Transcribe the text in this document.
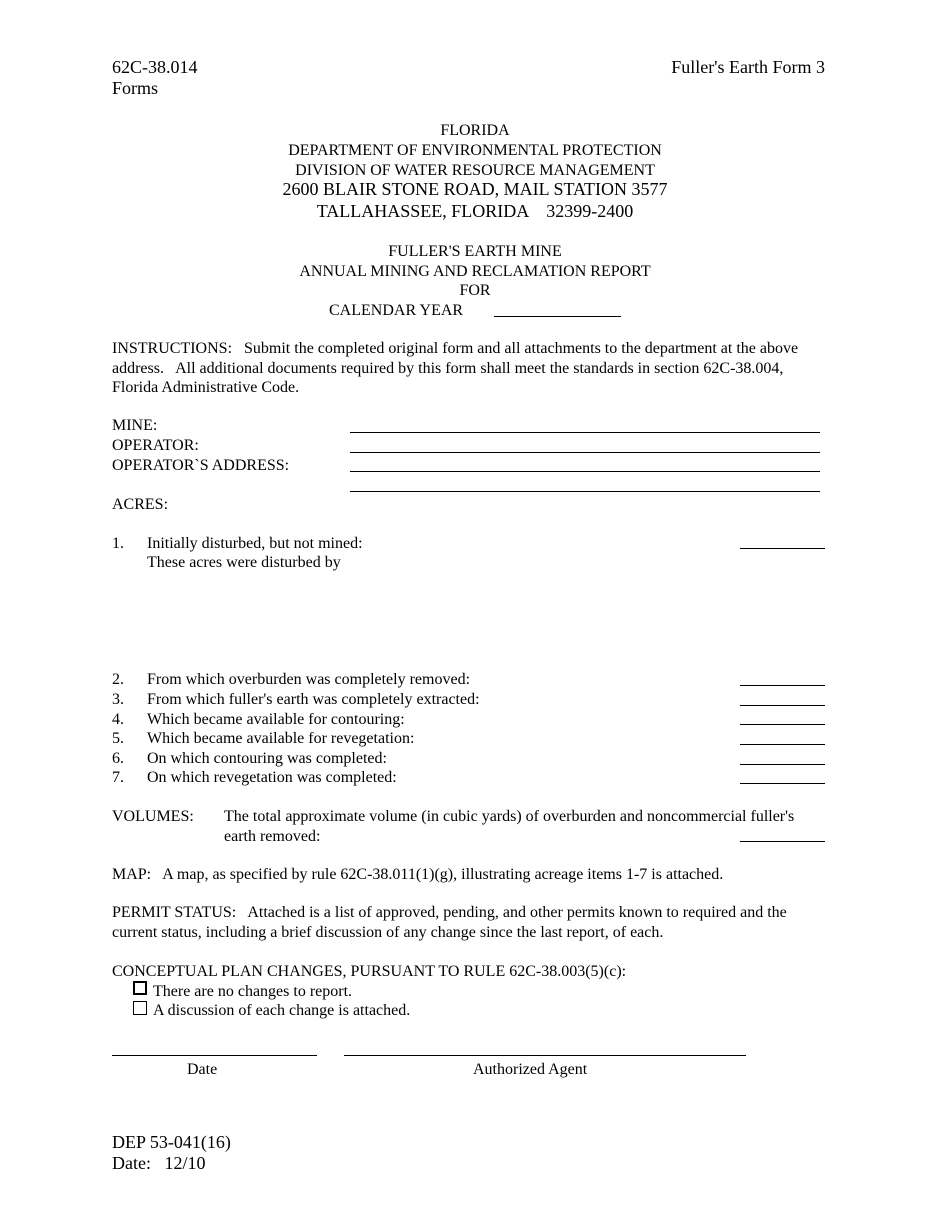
62C-38.014
Forms
Fuller's Earth Form 3
FLORIDA
DEPARTMENT OF ENVIRONMENTAL PROTECTION
DIVISION OF WATER RESOURCE MANAGEMENT
2600 BLAIR STONE ROAD, MAIL STATION 3577
TALLAHASSEE, FLORIDA    32399-2400
FULLER'S EARTH MINE
ANNUAL MINING AND RECLAMATION REPORT
FOR
CALENDAR YEAR
INSTRUCTIONS:   Submit the completed original form and all attachments to the department at the above
address.   All additional documents required by this form shall meet the standards in section 62C-38.004,
Florida Administrative Code.
MINE:
OPERATOR:
OPERATOR`S ADDRESS:
ACRES:
1. Initially disturbed, but not mined:
These acres were disturbed by
2. From which overburden was completely removed:
3. From which fuller's earth was completely extracted:
4. Which became available for contouring:
5. Which became available for revegetation:
6. On which contouring was completed:
7. On which revegetation was completed:
VOLUMES: The total approximate volume (in cubic yards) of overburden and noncommercial fuller's
earth removed:
MAP:   A map, as specified by rule 62C-38.011(1)(g), illustrating acreage items 1-7 is attached.
PERMIT STATUS:   Attached is a list of approved, pending, and other permits known to required and the
current status, including a brief discussion of any change since the last report, of each.
CONCEPTUAL PLAN CHANGES, PURSUANT TO RULE 62C-38.003(5)(c):
There are no changes to report.
A discussion of each change is attached.
Date	Authorized Agent
DEP 53-041(16)
Date:   12/10
